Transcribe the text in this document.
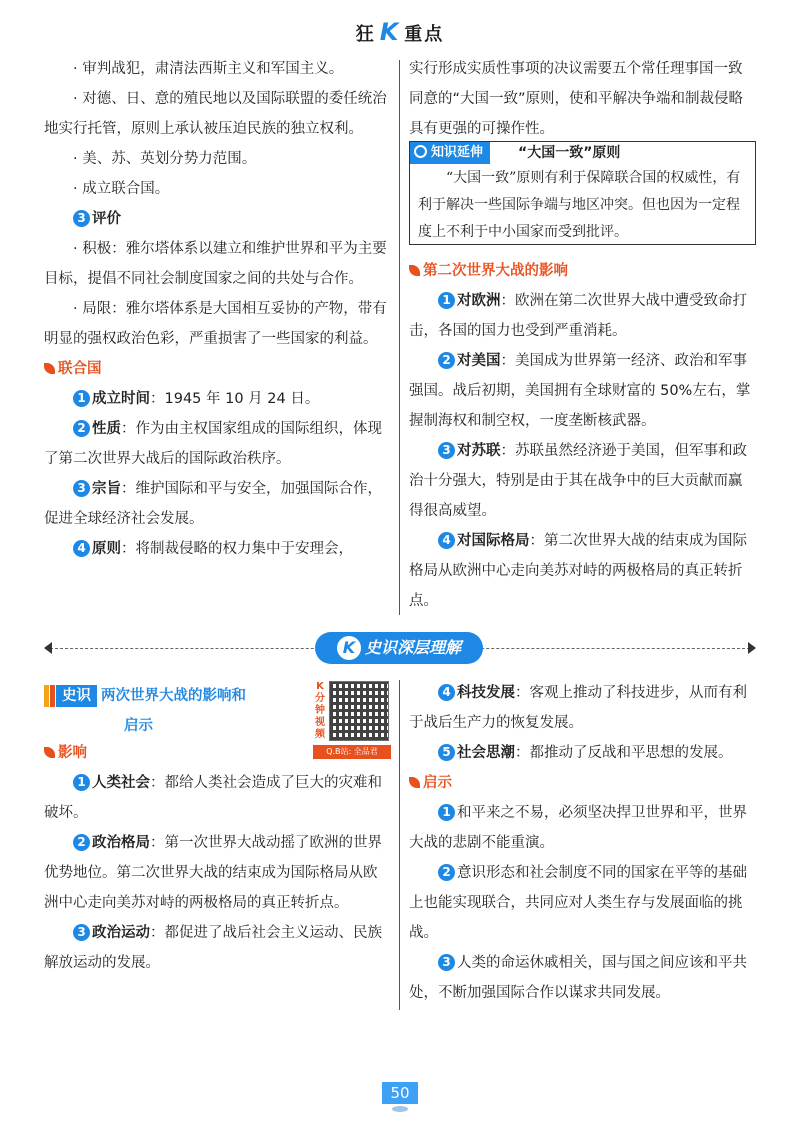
狂 K 重点

· 审判战犯，肃清法西斯主义和军国主义。

· 对德、日、意的殖民地以及国际联盟的委任统治地实行托管，原则上承认被压迫民族的独立权利。

· 美、苏、英划分势力范围。

· 成立联合国。

3 评价

· 积极：雅尔塔体系以建立和维护世界和平为主要目标，提倡不同社会制度国家之间的共处与合作。

· 局限：雅尔塔体系是大国相互妥协的产物，带有明显的强权政治色彩，严重损害了一些国家的利益。

联合国

1 成立时间：1945 年 10 月 24 日。

2 性质：作为由主权国家组成的国际组织，体现了第二次世界大战后的国际政治秩序。

3 宗旨：维护国际和平与安全，加强国际合作，促进全球经济社会发展。

4 原则：将制裁侵略的权力集中于安理会，

实行形成实质性事项的决议需要五个常任理事国一致同意的“大国一致”原则，使和平解决争端和制裁侵略具有更强的可操作性。

知识延伸	“大国一致”原则
“大国一致”原则有利于保障联合国的权威性，有利于解决一些国际争端与地区冲突。但也因为一定程度上不利于中小国家而受到批评。

第二次世界大战的影响

1 对欧洲：欧洲在第二次世界大战中遭受致命打击，各国的国力也受到严重消耗。

2 对美国：美国成为世界第一经济、政治和军事强国。战后初期，美国拥有全球财富的 50%左右，掌握制海权和制空权，一度垄断核武器。

3 对苏联：苏联虽然经济逊于美国，但军事和政治十分强大，特别是由于其在战争中的巨大贡献而赢得很高威望。

4 对国际格局：第二次世界大战的结束成为国际格局从欧洲中心走向美苏对峙的两极格局的真正转折点。

K 史识深层理解
史识 两次世界大战的影响和
启示
K分钟视频
Q.B站: 全品君

影响

1 人类社会：都给人类社会造成了巨大的灾难和破坏。

2 政治格局：第一次世界大战动摇了欧洲的世界优势地位。第二次世界大战的结束成为国际格局从欧洲中心走向美苏对峙的两极格局的真正转折点。

3 政治运动：都促进了战后社会主义运动、民族解放运动的发展。

4 科技发展：客观上推动了科技进步，从而有利于战后生产力的恢复发展。

5 社会思潮：都推动了反战和平思想的发展。

启示

1 和平来之不易，必须坚决捍卫世界和平，世界大战的悲剧不能重演。

2 意识形态和社会制度不同的国家在平等的基础上也能实现联合，共同应对人类生存与发展面临的挑战。

3 人类的命运休戚相关，国与国之间应该和平共处，不断加强国际合作以谋求共同发展。

50
